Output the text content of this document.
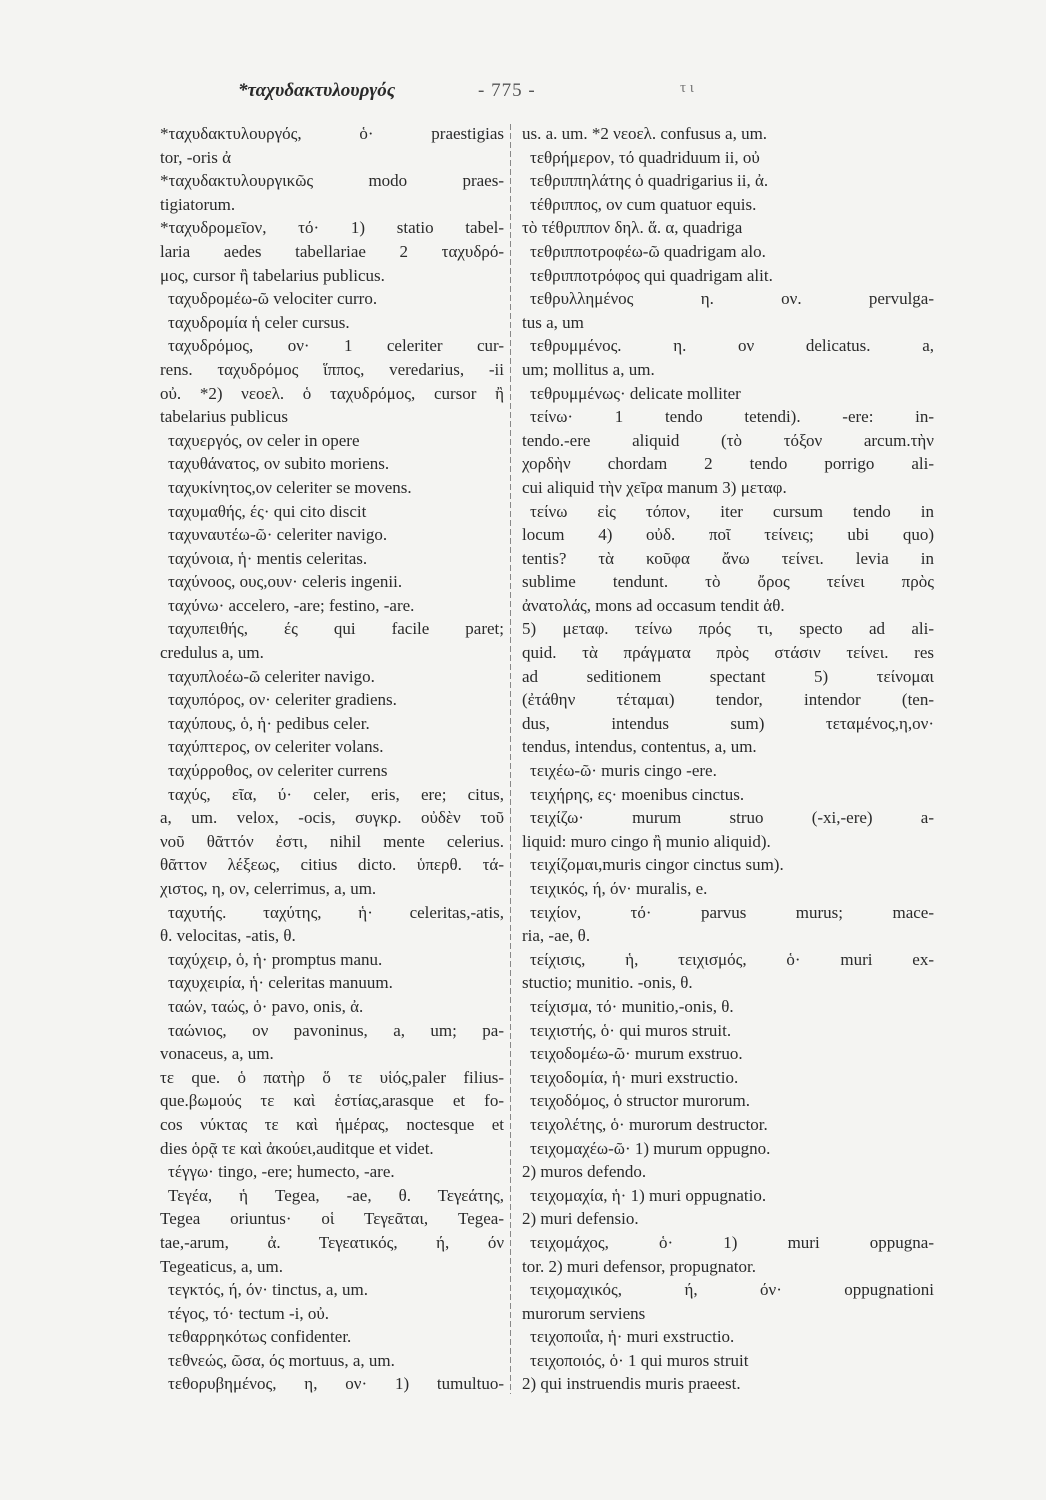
*ταχυδακτυλουργός	- 775 -	τ ι
*ταχυδακτυλουργός, ὁ· praestigias
tor, -oris ἀ
*ταχυδακτυλουργικῶς modo praes-
tigiatorum.
*ταχυδρομεῖον, τό· 1) statio tabel-
laria aedes tabellariae 2 ταχυδρό-
μος, cursor ἢ tabelarius publicus.
ταχυδρομέω-ῶ velociter curro.
ταχυδρομία ἡ celer cursus.
ταχυδρόμος, ον· 1 celeriter cur-
rens. ταχυδρόμος ἵππος, veredarius, -ii
οὐ. *2) νεοελ. ὁ ταχυδρόμος, cursor ἢ
tabelarius publicus
ταχυεργός, ον celer in opere
ταχυθάνατος, ον subito moriens.
ταχυκίνητος,ον celeriter se movens.
ταχυμαθής, ές· qui cito discit
ταχυναυτέω-ῶ· celeriter navigo.
ταχύνοια, ἡ· mentis celeritas.
ταχύνοος, ους,ουν· celeris ingenii.
ταχύνω· accelero, -are; festino, -are.
ταχυπειθής, ές qui facile paret;
credulus a, um.
ταχυπλοέω-ῶ celeriter navigo.
ταχυπόρος, ον· celeriter gradiens.
ταχύπους, ὁ, ἡ· pedibus celer.
ταχύπτερος, ον celeriter volans.
ταχύρροθος, ον celeriter currens
ταχύς, εῖα, ύ· celer, eris, ere; citus,
a, um. velox, -ocis, συγκρ. οὐδὲν τοῦ
νοῦ θᾶττόν ἐστι, nihil mente celerius.
θᾶττον λέξεως, citius dicto. ὑπερθ. τά-
χιστος, η, ον, celerrimus, a, um.
ταχυτής. ταχύτης, ἡ· celeritas,-atis,
θ. velocitas, -atis, θ.
ταχύχειρ, ὁ, ἡ· promptus manu.
ταχυχειρία, ἡ· celeritas manuum.
ταών, ταώς, ὁ· pavo, onis, ἀ.
ταώνιος, ον pavoninus, a, um; pa-
vonaceus, a, um.
τε que. ὁ πατὴρ ὅ τε υἱός,paler filius-
que.βωμούς τε καὶ ἑστίας,arasque et fo-
cos νύκτας τε καὶ ἡμέρας, noctesque et
dies ὁρᾷ τε καὶ ἀκούει,auditque et videt.
τέγγω· tingo, -ere; humecto, -are.
Τεγέα, ἡ Tegea, -ae, θ. Τεγεάτης,
Tegea oriuntus· οἱ Τεγεᾶται, Tegea-
tae,-arum, ἀ. Τεγεατικός, ή, όν
Tegeaticus, a, um.
τεγκτός, ή, όν· tinctus, a, um.
τέγος, τό· tectum -i, οὐ.
τεθαρρηκότως confidenter.
τεθνεώς, ῶσα, ός mortuus, a, um.
τεθορυβημένος, η, ον· 1) tumultuo-
us. a. um. *2 νεοελ. confusus a, um.
τεθρήμερον, τό quadriduum ii, οὐ
τεθριππηλάτης ὁ quadrigarius ii, ἀ.
τέθριππος, ον cum quatuor equis.
τὸ τέθριππον δηλ. ἅ. α, quadriga
τεθριπποτροφέω-ῶ quadrigam alo.
τεθριπποτρόφος qui quadrigam alit.
τεθρυλλημένος η. ον. pervulga-
tus a, um
τεθρυμμένος. η. ον delicatus. a,
um; mollitus a, um.
τεθρυμμένως· delicate molliter
τείνω· 1 tendo tetendi). -ere: in-
tendo.-ere aliquid (τὸ τόξον arcum.τὴν
χορδὴν chordam 2 tendo porrigo ali-
cui aliquid τὴν χεῖρα manum 3) μεταφ.
τείνω εἰς τόπον, iter cursum tendo in
locum 4) οὐδ. ποῖ τείνεις; ubi quo)
tentis? τὰ κοῦφα ἄνω τείνει. levia in
sublime tendunt. τὸ ὄρος τείνει πρὸς
ἀνατολάς, mons ad occasum tendit ἀθ.
5) μεταφ. τείνω πρός τι, specto ad ali-
quid. τὰ πράγματα πρὸς στάσιν τείνει. res
ad seditionem spectant 5) τείνομαι
(ἐτάθην τέταμαι) tendor, intendor (ten-
dus, intendus sum) τεταμένος,η,ον·
tendus, intendus, contentus, a, um.
τειχέω-ῶ· muris cingo -ere.
τειχήρης, ες· moenibus cinctus.
τειχίζω· murum struo (-xi,-ere) a-
liquid: muro cingo ἢ munio aliquid).
τειχίζομαι,muris cingor cinctus sum).
τειχικός, ή, όν· muralis, e.
τειχίον, τό· parvus murus; mace-
ria, -ae, θ.
τείχισις, ἡ, τειχισμός, ὁ· muri ex-
stuctio; munitio. -onis, θ.
τείχισμα, τό· munitio,-onis, θ.
τειχιστής, ὁ· qui muros struit.
τειχοδομέω-ῶ· murum exstruo.
τειχοδομία, ἡ· muri exstructio.
τειχοδόμος, ὁ structor murorum.
τειχολέτης, ὁ· murorum destructor.
τειχομαχέω-ῶ· 1) murum oppugno.
2) muros defendo.
τειχομαχία, ἡ· 1) muri oppugnatio.
2) muri defensio.
τειχομάχος, ὁ· 1) muri oppugna-
tor. 2) muri defensor, propugnator.
τειχομαχικός, ή, όν· oppugnationi
murorum serviens
τειχοποιΐα, ἡ· muri exstructio.
τειχοποιός, ὁ· 1 qui muros struit
2) qui instruendis muris praeest.
